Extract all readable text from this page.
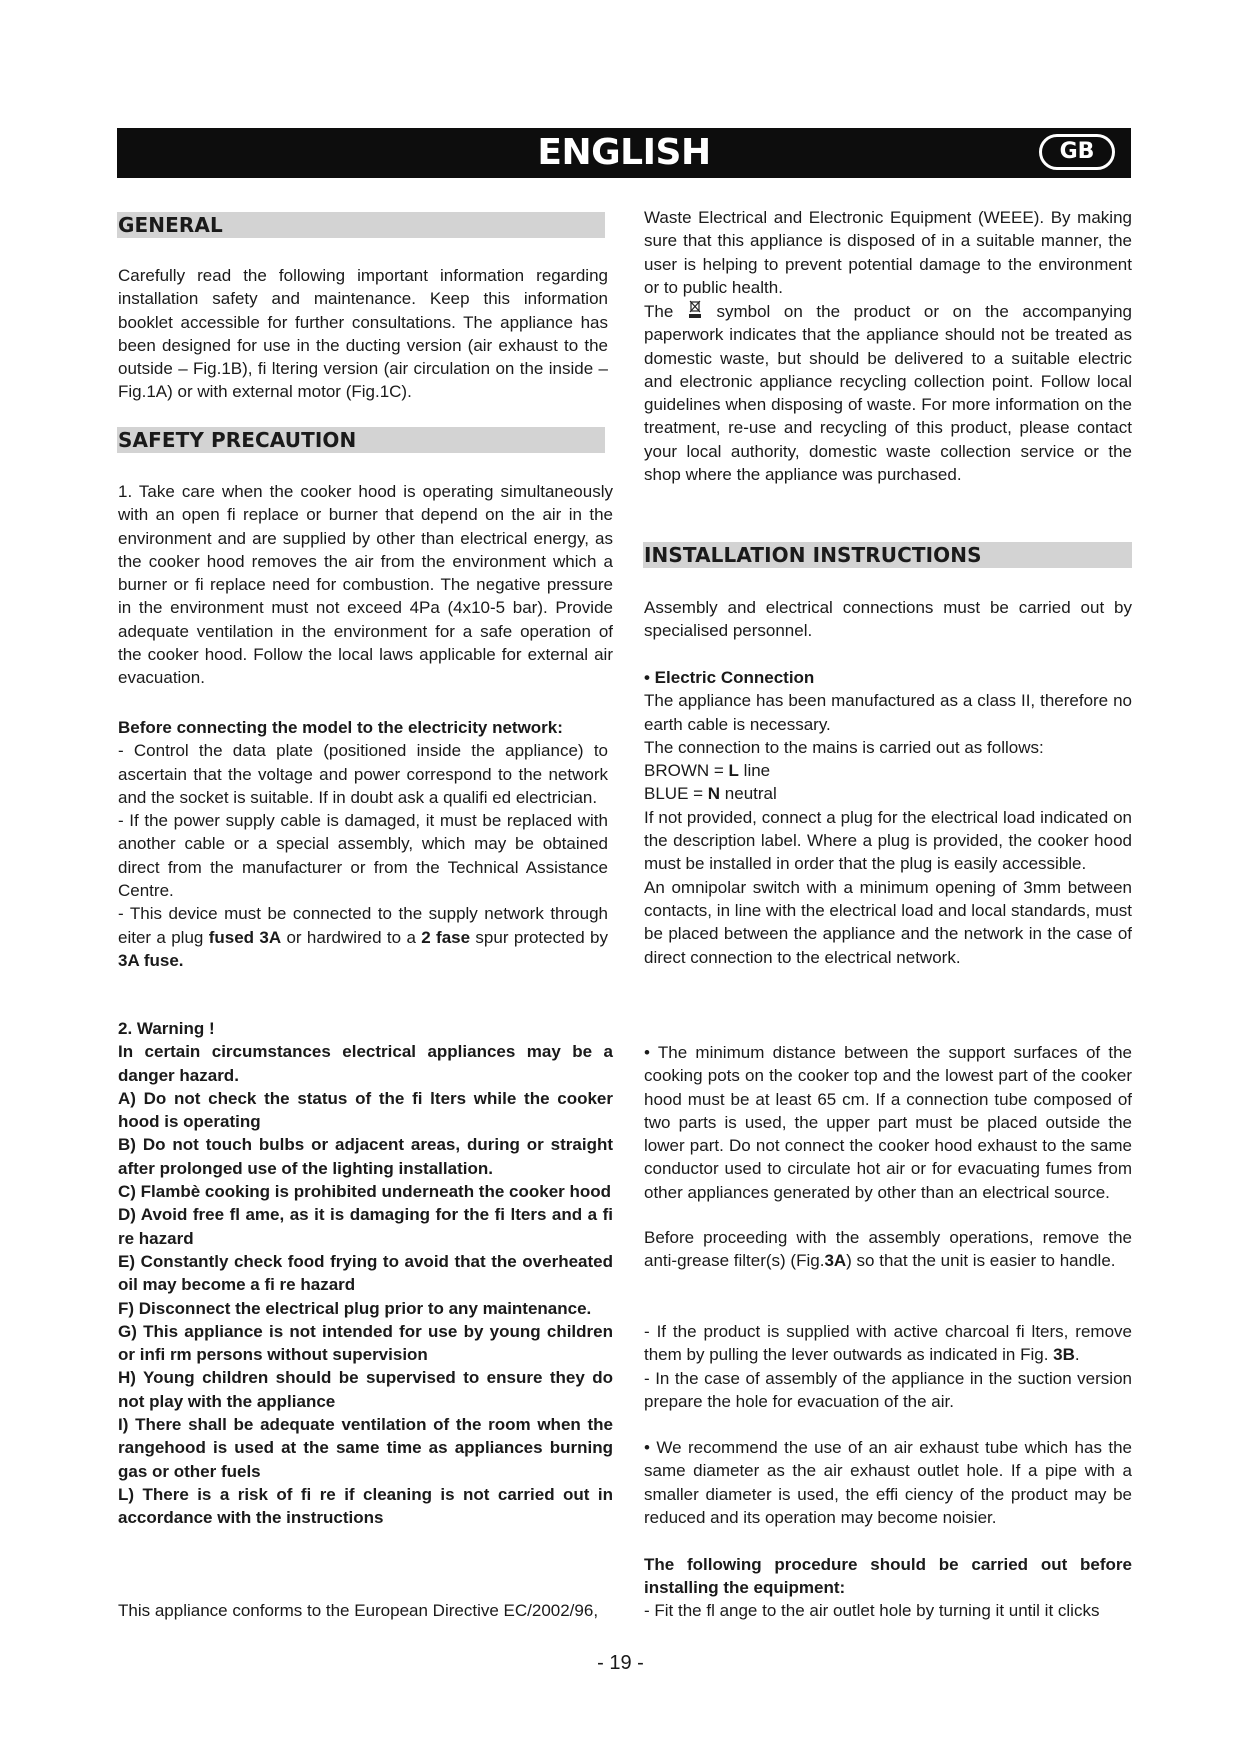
ENGLISH	GB
GENERAL

Carefully read the following important information regarding installation safety and maintenance. Keep this information booklet accessible for further consultations. The appliance has been designed for use in the ducting version (air exhaust to the outside – Fig.1B), fi ltering version (air circulation on the inside – Fig.1A) or with external motor (Fig.1C).

SAFETY PRECAUTION

1. Take care when the cooker hood is operating simultaneously with an open fi replace or burner that depend on the air in the environment and are supplied by other than electrical energy, as the cooker hood removes the air from the environment which a burner or fi replace need for combustion. The negative pressure in the environment must not exceed 4Pa (4x10-5 bar). Provide adequate ventilation in the environment for a safe operation of the cooker hood. Follow the local laws applicable for external air evacuation.

Before connecting the model to the electricity network:
- Control the data plate (positioned inside the appliance) to ascertain that the voltage and power correspond to the network and the socket is suitable. If in doubt ask a qualifi ed electrician.
- If the power supply cable is damaged, it must be replaced with another cable or a special assembly, which may be obtained direct from the manufacturer or from the Technical Assistance Centre.
- This device must be connected to the supply network through eiter a plug fused 3A or hardwired to a 2 fase spur protected by 3A fuse.

2. Warning !
In certain circumstances electrical appliances may be a danger hazard.
A) Do not check the status of the fi lters while the cooker hood is operating
B) Do not touch bulbs or adjacent areas, during or straight after prolonged use of the lighting installation.
C) Flambè cooking is prohibited underneath the cooker hood
D) Avoid free fl ame, as it is damaging for the fi lters and a fi re hazard
E) Constantly check food frying to avoid that the overheated oil may become a fi re hazard
F) Disconnect the electrical plug prior to any maintenance.
G) This appliance is not intended for use by young children or infi rm persons without supervision
H) Young children should be supervised to ensure they do not play with the appliance
I) There shall be adequate ventilation of the room when the rangehood is used at the same time as appliances burning gas or other fuels
L) There is a risk of fi re if cleaning is not carried out in accordance with the instructions

This appliance conforms to the European Directive EC/2002/96,

Waste Electrical and Electronic Equipment (WEEE). By making sure that this appliance is disposed of in a suitable manner, the user is helping to prevent potential damage to the environment or to public health.

The	symbol on the product or on the accompanying paperwork indicates that the appliance should not be treated as domestic waste, but should be delivered to a suitable electric and electronic appliance recycling collection point. Follow local guidelines when disposing of waste. For more information on the treatment, re-use and recycling of this product, please contact your local authority, domestic waste collection service or the shop where the appliance was purchased.

INSTALLATION INSTRUCTIONS

Assembly and electrical connections must be carried out by specialised personnel.

• Electric Connection
The appliance has been manufactured as a class II, therefore no earth cable is necessary.
The connection to the mains is carried out as follows:
BROWN = L line
BLUE = N neutral
If not provided, connect a plug for the electrical load indicated on the description label. Where a plug is provided, the cooker hood must be installed in order that the plug is easily accessible.
An omnipolar switch with a minimum opening of 3mm between contacts, in line with the electrical load and local standards, must be placed between the appliance and the network in the case of direct connection to the electrical network.

• The minimum distance between the support surfaces of the cooking pots on the cooker top and the lowest part of the cooker hood must be at least 65 cm. If a connection tube composed of two parts is used, the upper part must be placed outside the lower part. Do not connect the cooker hood exhaust to the same conductor used to circulate hot air or for evacuating fumes from other appliances generated by other than an electrical source.

Before proceeding with the assembly operations, remove the anti-grease filter(s) (Fig.3A) so that the unit is easier to handle.

- If the product is supplied with active charcoal fi lters, remove them by pulling the lever outwards as indicated in Fig. 3B.
- In the case of assembly of the appliance in the suction version prepare the hole for evacuation of the air.

• We recommend the use of an air exhaust tube which has the same diameter as the air exhaust outlet hole. If a pipe with a smaller diameter is used, the effi ciency of the product may be reduced and its operation may become noisier.

The following procedure should be carried out before installing the equipment:

- Fit the fl ange to the air outlet hole by turning it until it clicks

- 19 -
